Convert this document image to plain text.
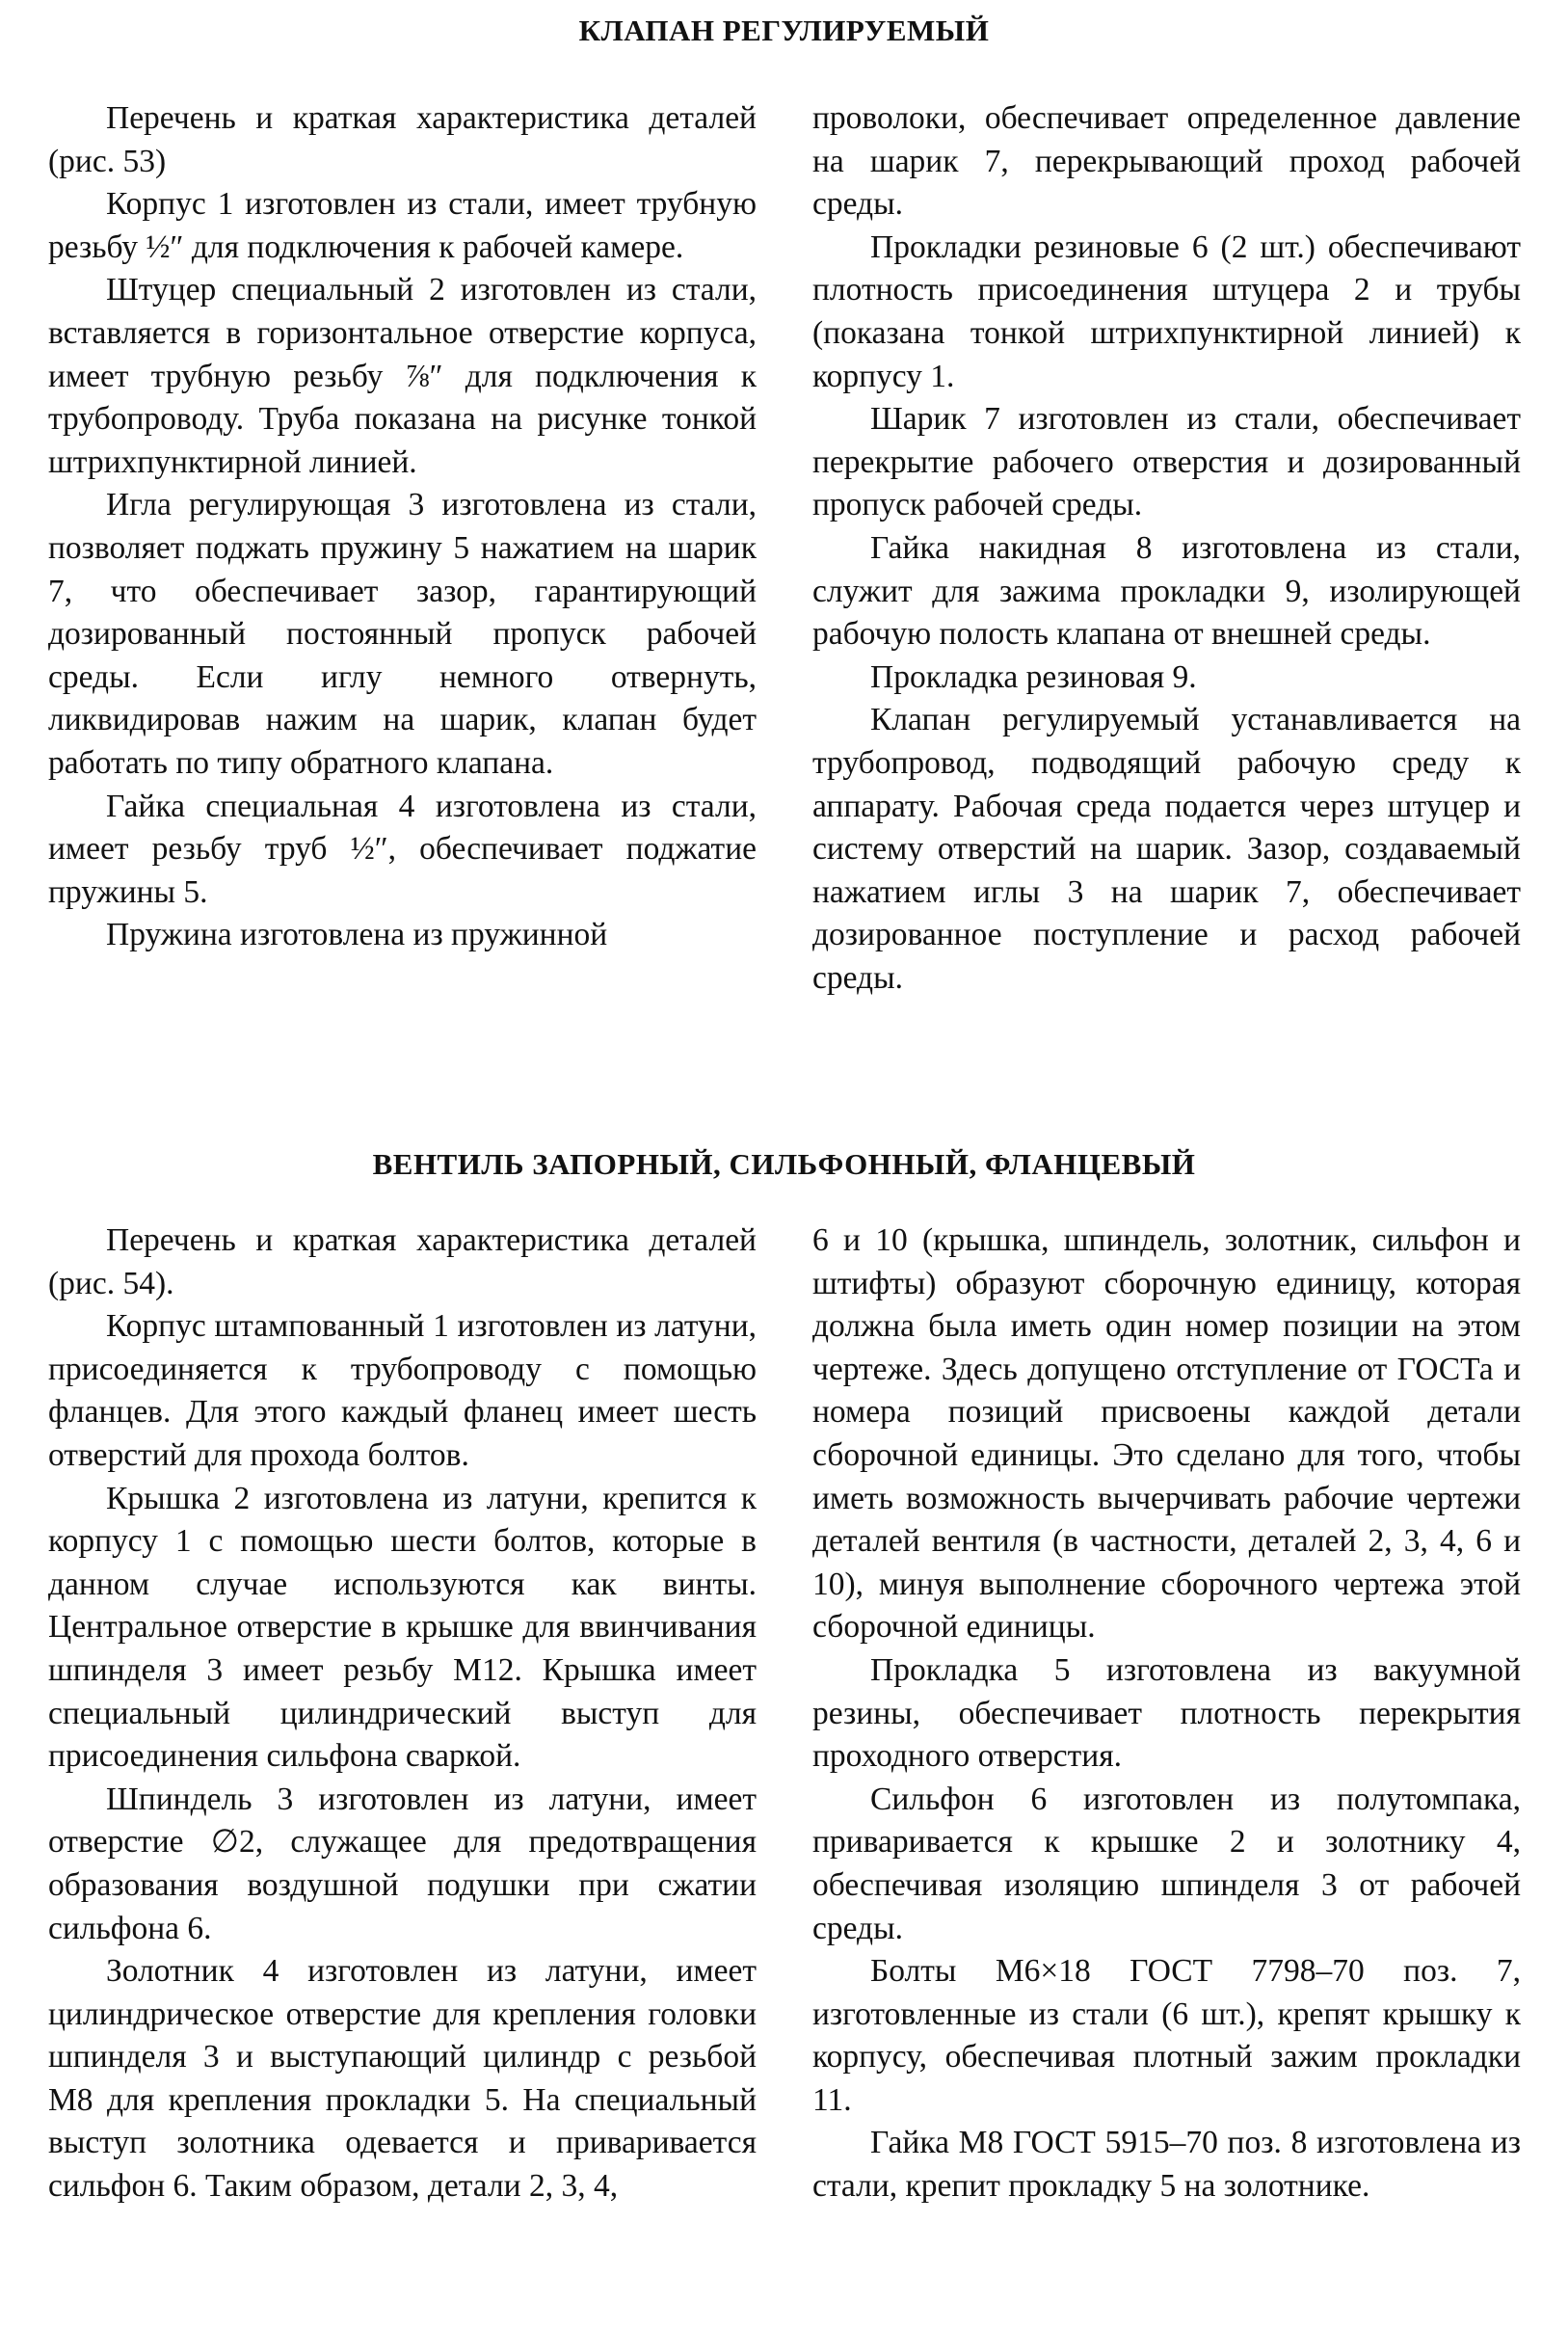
КЛАПАН РЕГУЛИРУЕМЫЙ

Перечень и краткая характеристика деталей (рис. 53)

Корпус 1 изготовлен из стали, имеет трубную резьбу ½″ для подключения к рабочей камере.

Штуцер специальный 2 изготовлен из стали, вставляется в горизонтальное отверстие корпуса, имеет трубную резьбу ⅞″ для подключения к трубопроводу. Труба показана на рисунке тонкой штрихпунктирной линией.

Игла регулирующая 3 изготовлена из стали, позволяет поджать пружину 5 нажатием на шарик 7, что обеспечивает зазор, гарантирующий дозированный постоянный пропуск рабочей среды. Если иглу немного отвернуть, ликвидировав нажим на шарик, клапан будет работать по типу обратного клапана.

Гайка специальная 4 изготовлена из стали, имеет резьбу труб ½″, обеспечивает поджатие пружины 5.

Пружина изготовлена из пружинной

проволоки, обеспечивает определенное давление на шарик 7, перекрывающий проход рабочей среды.

Прокладки резиновые 6 (2 шт.) обеспечивают плотность присоединения штуцера 2 и трубы (показана тонкой штрихпунктирной линией) к корпусу 1.

Шарик 7 изготовлен из стали, обеспечивает перекрытие рабочего отверстия и дозированный пропуск рабочей среды.

Гайка накидная 8 изготовлена из стали, служит для зажима прокладки 9, изолирующей рабочую полость клапана от внешней среды.

Прокладка резиновая 9.

Клапан регулируемый устанавливается на трубопровод, подводящий рабочую среду к аппарату. Рабочая среда подается через штуцер и систему отверстий на шарик. Зазор, создаваемый нажатием иглы 3 на шарик 7, обеспечивает дозированное поступление и расход рабочей среды.

ВЕНТИЛЬ ЗАПОРНЫЙ, СИЛЬФОННЫЙ, ФЛАНЦЕВЫЙ

Перечень и краткая характеристика деталей (рис. 54).

Корпус штампованный 1 изготовлен из латуни, присоединяется к трубопроводу с помощью фланцев. Для этого каждый фланец имеет шесть отверстий для прохода болтов.

Крышка 2 изготовлена из латуни, крепится к корпусу 1 с помощью шести болтов, которые в данном случае используются как винты. Центральное отверстие в крышке для ввинчивания шпинделя 3 имеет резьбу М12. Крышка имеет специальный цилиндрический выступ для присоединения сильфона сваркой.

Шпиндель 3 изготовлен из латуни, имеет отверстие ∅2, служащее для предотвращения образования воздушной подушки при сжатии сильфона 6.

Золотник 4 изготовлен из латуни, имеет цилиндрическое отверстие для крепления головки шпинделя 3 и выступающий цилиндр с резьбой М8 для крепления прокладки 5. На специальный выступ золотника одевается и приваривается сильфон 6. Таким образом, детали 2, 3, 4,

6 и 10 (крышка, шпиндель, золотник, сильфон и штифты) образуют сборочную единицу, которая должна была иметь один номер позиции на этом чертеже. Здесь допущено отступление от ГОСТа и номера позиций присвоены каждой детали сборочной единицы. Это сделано для того, чтобы иметь возможность вычерчивать рабочие чертежи деталей вентиля (в частности, деталей 2, 3, 4, 6 и 10), минуя выполнение сборочного чертежа этой сборочной единицы.

Прокладка 5 изготовлена из вакуумной резины, обеспечивает плотность перекрытия проходного отверстия.

Сильфон 6 изготовлен из полутомпака, приваривается к крышке 2 и золотнику 4, обеспечивая изоляцию шпинделя 3 от рабочей среды.

Болты М6×18 ГОСТ 7798–70 поз. 7, изготовленные из стали (6 шт.), крепят крышку к корпусу, обеспечивая плотный зажим прокладки 11.

Гайка М8 ГОСТ 5915–70 поз. 8 изготовлена из стали, крепит прокладку 5 на золотнике.
